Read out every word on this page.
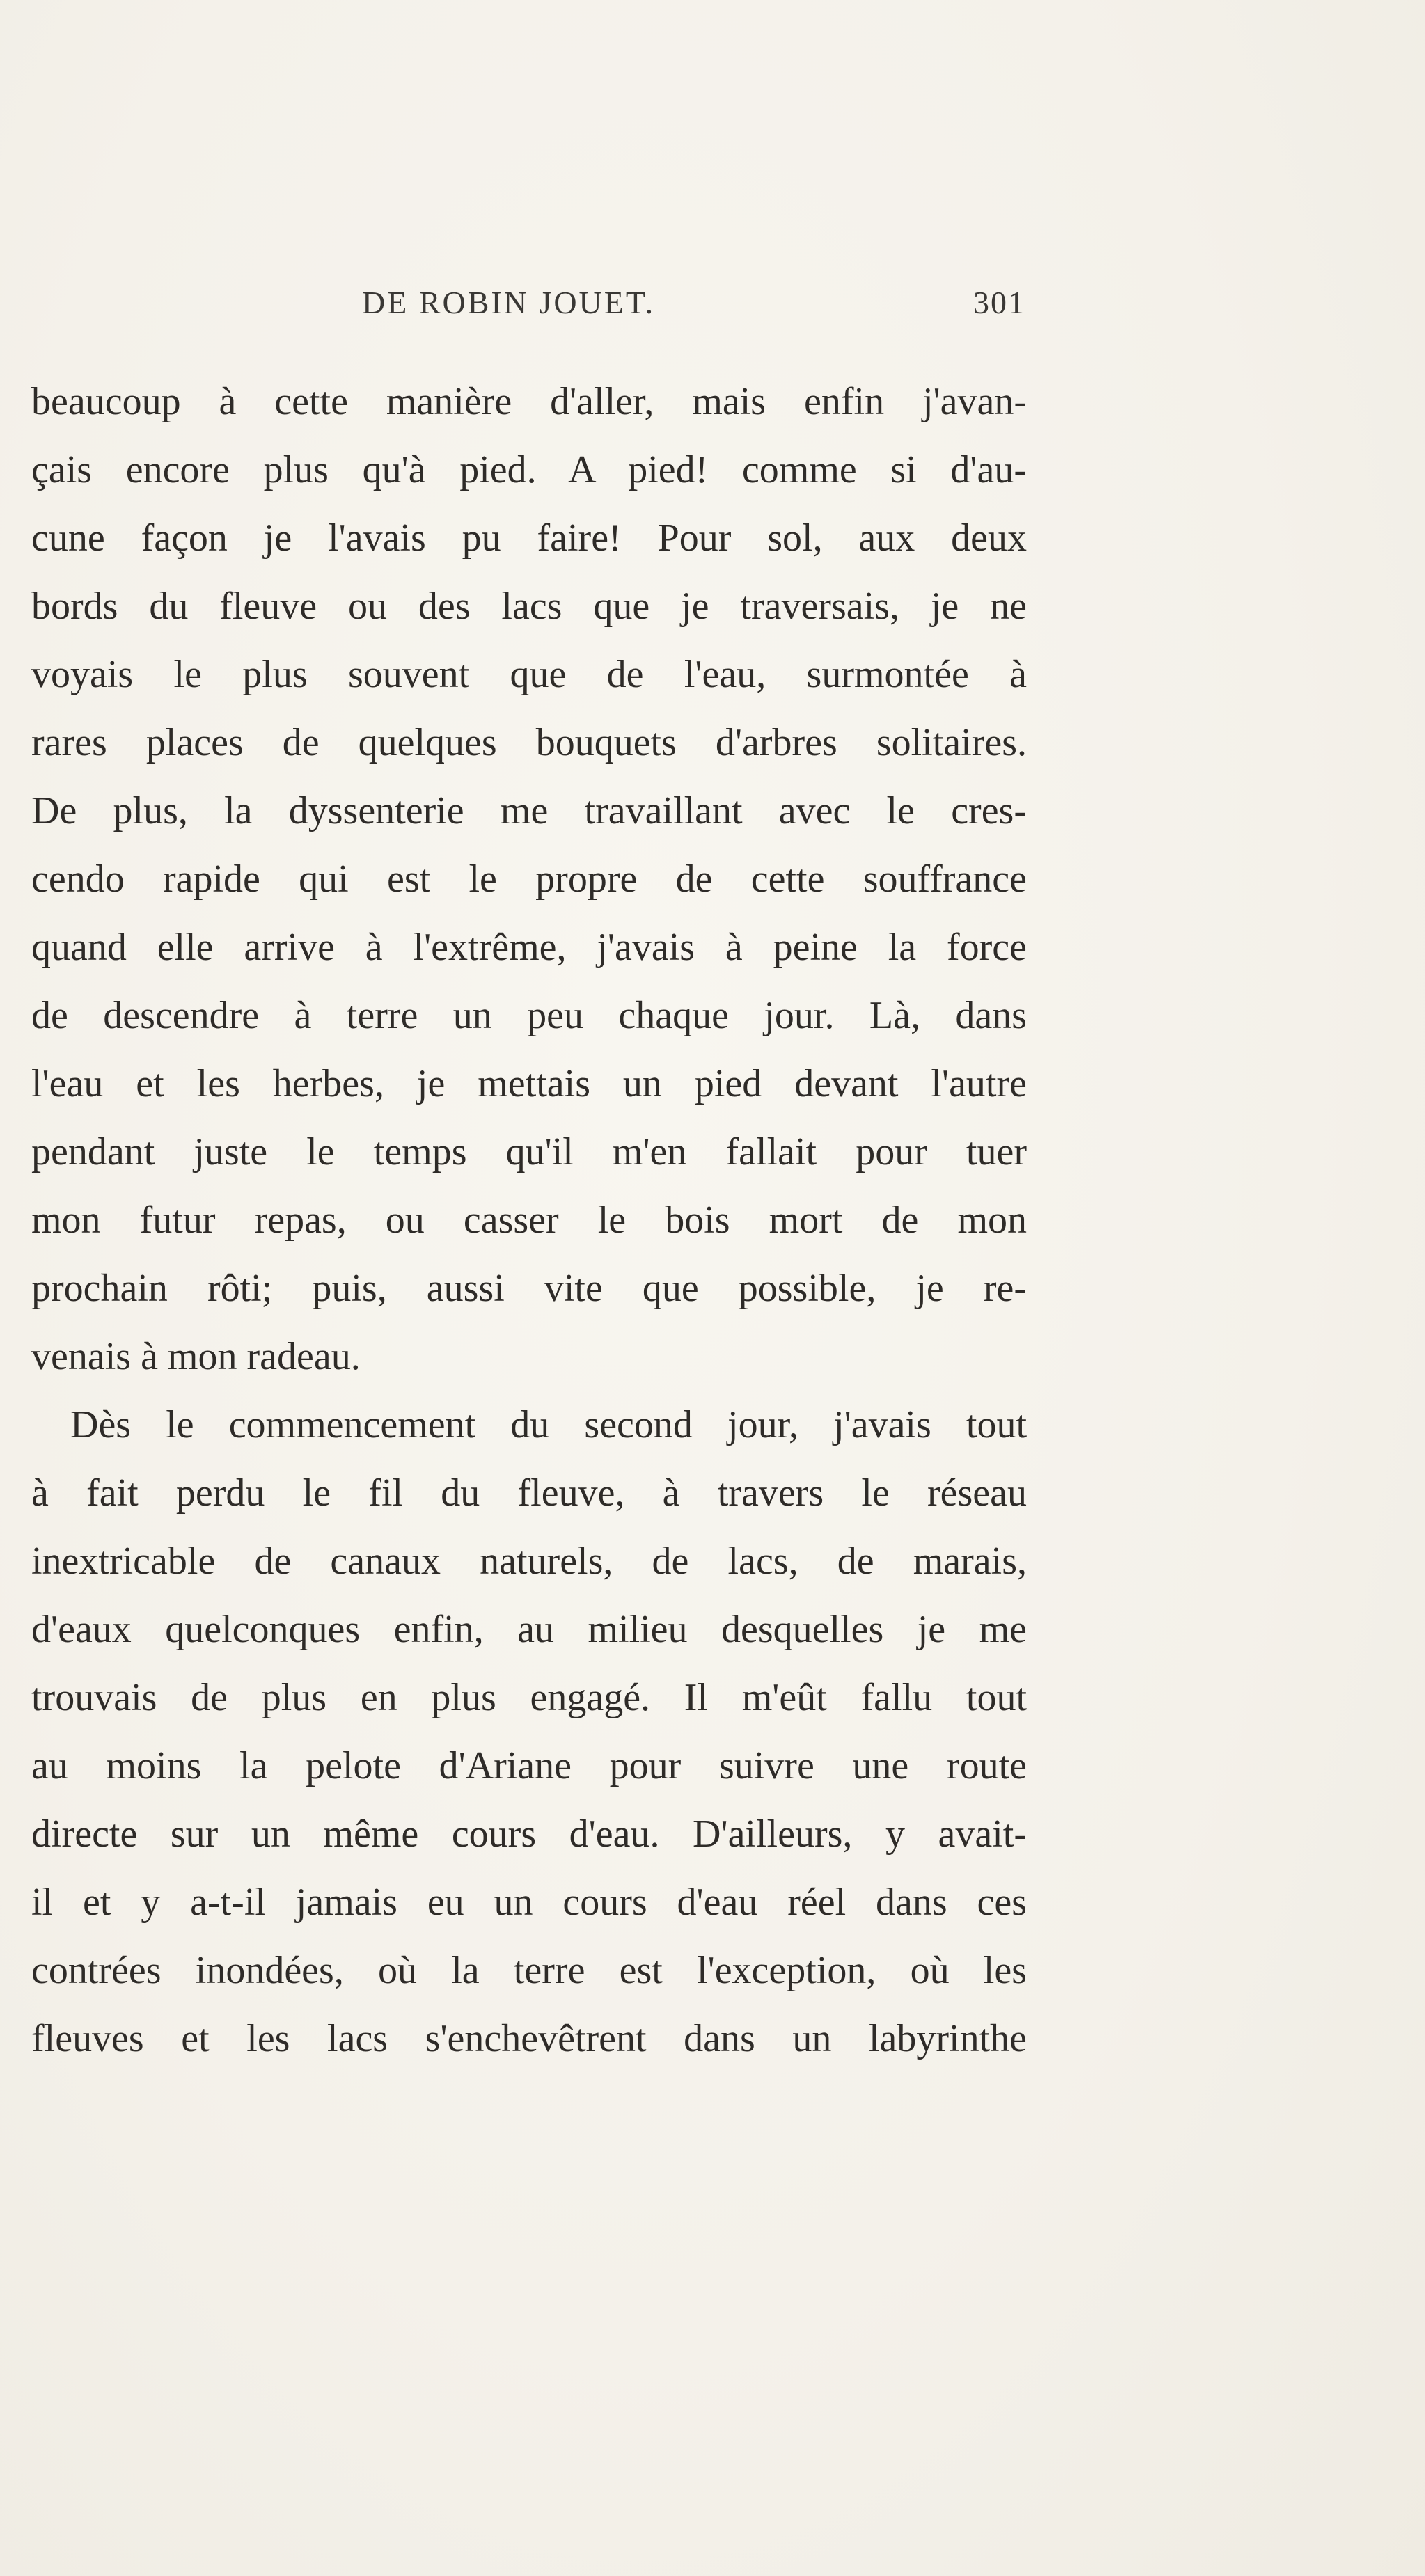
DE ROBIN JOUET.	301
beaucoup à cette manière d'aller, mais enfin j'avan-
çais encore plus qu'à pied. A pied! comme si d'au-
cune façon je l'avais pu faire! Pour sol, aux deux
bords du fleuve ou des lacs que je traversais, je ne
voyais le plus souvent que de l'eau, surmontée à
rares places de quelques bouquets d'arbres solitaires.
De plus, la dyssenterie me travaillant avec le cres-
cendo rapide qui est le propre de cette souffrance
quand elle arrive à l'extrême, j'avais à peine la force
de descendre à terre un peu chaque jour. Là, dans
l'eau et les herbes, je mettais un pied devant l'autre
pendant juste le temps qu'il m'en fallait pour tuer
mon futur repas, ou casser le bois mort de mon
prochain rôti; puis, aussi vite que possible, je re-
venais à mon radeau.
Dès le commencement du second jour, j'avais tout
à fait perdu le fil du fleuve, à travers le réseau
inextricable de canaux naturels, de lacs, de marais,
d'eaux quelconques enfin, au milieu desquelles je me
trouvais de plus en plus engagé. Il m'eût fallu tout
au moins la pelote d'Ariane pour suivre une route
directe sur un même cours d'eau. D'ailleurs, y avait-
il et y a-t-il jamais eu un cours d'eau réel dans ces
contrées inondées, où la terre est l'exception, où les
fleuves et les lacs s'enchevêtrent dans un labyrinthe
